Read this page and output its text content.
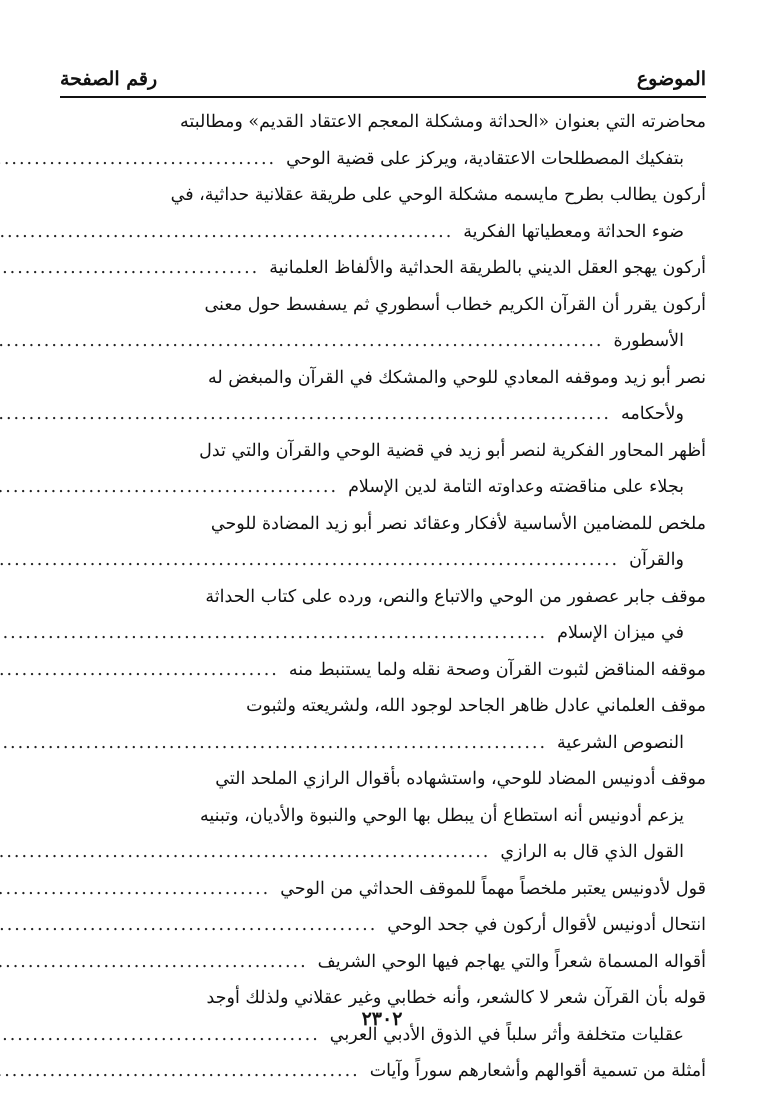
الموضوع
رقم الصفحة
محاضرته التي بعنوان «الحداثة ومشكلة المعجم الاعتقاد القديم» ومطالبته
بتفكيك المصطلحات الاعتقادية، ويركز على قضية الوحي
.....
أركون يطالب بطرح مايسمه مشكلة الوحي على طريقة عقلانية حداثية، في
ضوء الحداثة ومعطياتها الفكرية
.....
أركون يهجو العقل الديني بالطريقة الحداثية والألفاظ العلمانية
.....
أركون يقرر أن القرآن الكريم خطاب أسطوري ثم يسفسط حول معنى
الأسطورة
.....
نصر أبو زيد وموقفه المعادي للوحي والمشكك في القرآن والمبغض له
ولأحكامه
.....
أظهر المحاور الفكرية لنصر أبو زيد في قضية الوحي والقرآن والتي تدل
بجلاء على مناقضته وعداوته التامة لدين الإسلام
.....
ملخص للمضامين الأساسية لأفكار وعقائد نصر أبو زيد المضادة للوحي
والقرآن
.....
موقف جابر عصفور من الوحي والاتباع والنص، ورده على كتاب الحداثة
في ميزان الإسلام
.....
موقفه المناقض لثبوت القرآن وصحة نقله ولما يستنبط منه
.....
موقف العلماني عادل ظاهر الجاحد لوجود الله، ولشريعته ولثبوت
النصوص الشرعية
.....
موقف أدونيس المضاد للوحي، واستشهاده بأقوال الرازي الملحد التي
يزعم أدونيس أنه استطاع أن يبطل بها الوحي والنبوة والأديان، وتبنيه
القول الذي قال به الرازي
.....
قول لأدونيس يعتبر ملخصاً مهماً للموقف الحداثي من الوحي
.....
انتحال أدونيس لأقوال أركون في جحد الوحي
.....
أقواله المسماة شعراً والتي يهاجم فيها الوحي الشريف
.....
قوله بأن القرآن شعر لا كالشعر، وأنه خطابي وغير عقلاني ولذلك أوجد
عقليات متخلفة وأثر سلباً في الذوق الأدبي العربي
.....
أمثلة من تسمية أقوالهم وأشعارهم سوراً وآيات
.....
٢٣٠٢
